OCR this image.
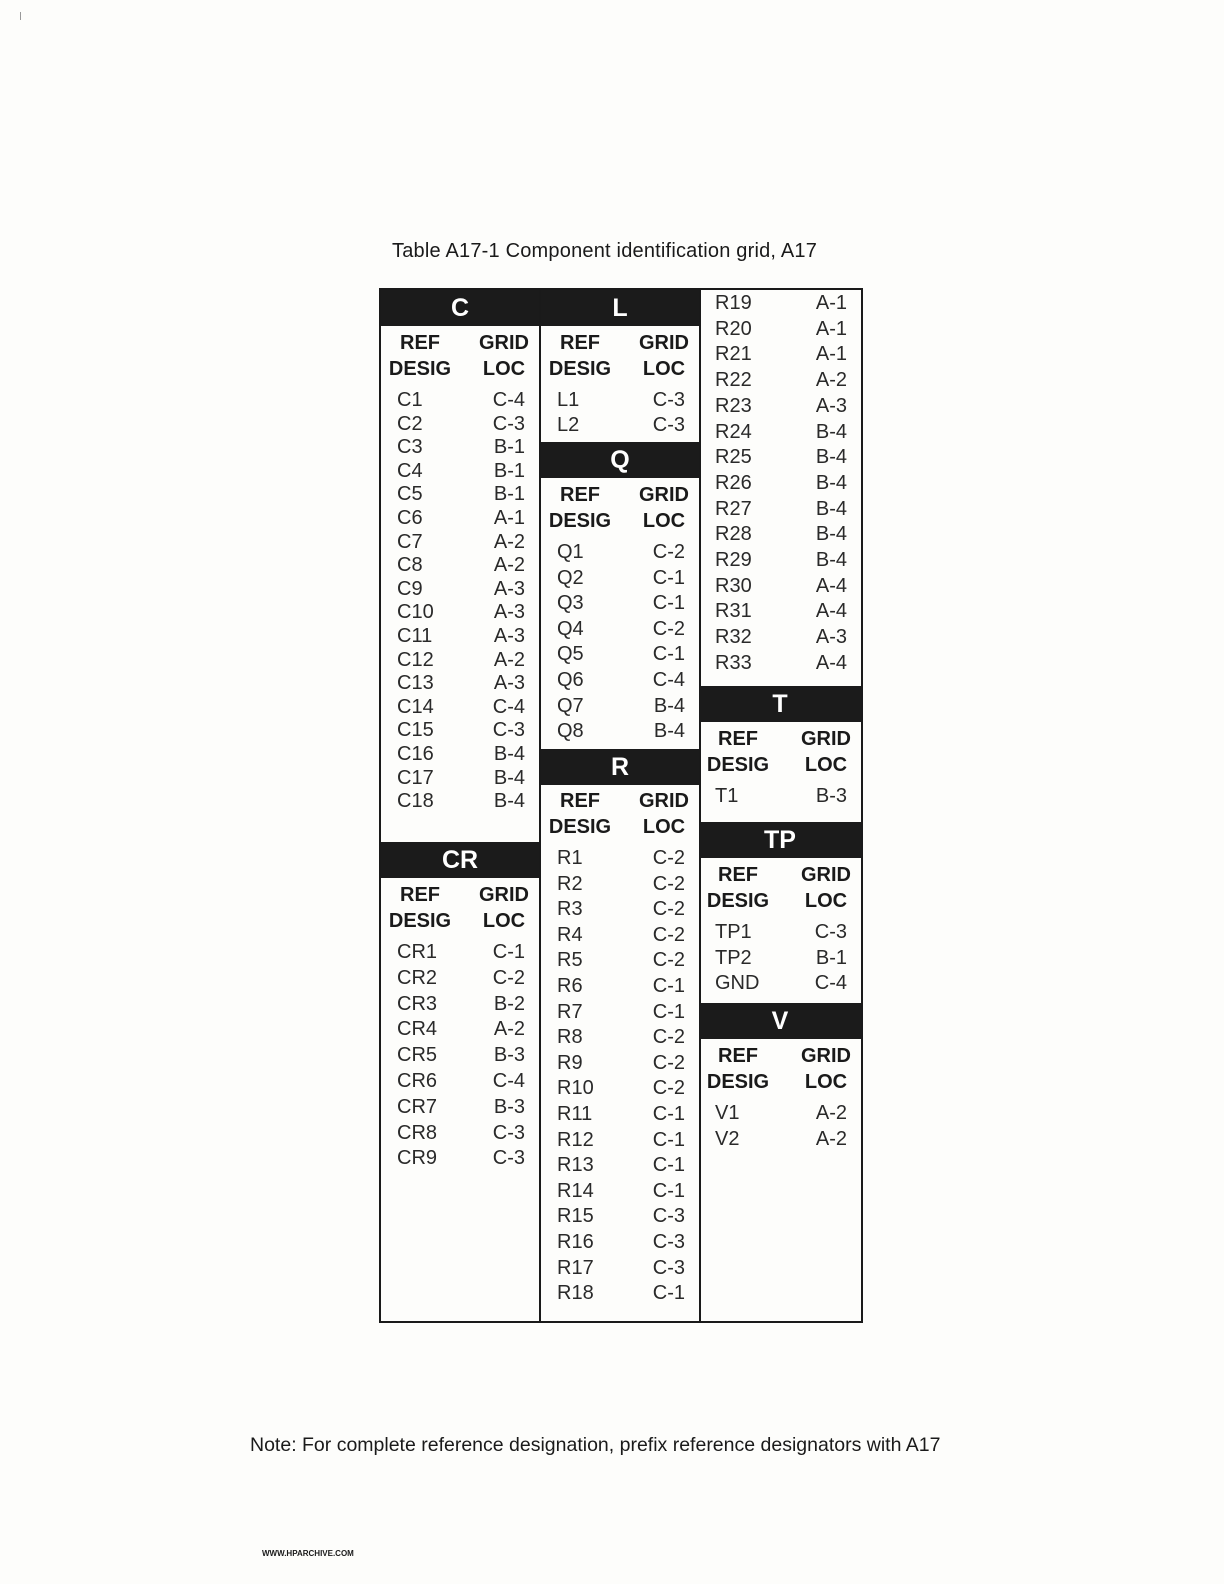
Table A17-1 Component identification grid, A17
C
REF
DESIG
GRID
LOC
C1	C-4
C2	C-3
C3	B-1
C4	B-1
C5	B-1
C6	A-1
C7	A-2
C8	A-2
C9	A-3
C10	A-3
C11	A-3
C12	A-2
C13	A-3
C14	C-4
C15	C-3
C16	B-4
C17	B-4
C18	B-4
CR
REF
DESIG
GRID
LOC
CR1	C-1
CR2	C-2
CR3	B-2
CR4	A-2
CR5	B-3
CR6	C-4
CR7	B-3
CR8	C-3
CR9	C-3
L
REF
DESIG
GRID
LOC
L1	C-3
L2	C-3
Q
REF
DESIG
GRID
LOC
Q1	C-2
Q2	C-1
Q3	C-1
Q4	C-2
Q5	C-1
Q6	C-4
Q7	B-4
Q8	B-4
R
REF
DESIG
GRID
LOC
R1	C-2
R2	C-2
R3	C-2
R4	C-2
R5	C-2
R6	C-1
R7	C-1
R8	C-2
R9	C-2
R10	C-2
R11	C-1
R12	C-1
R13	C-1
R14	C-1
R15	C-3
R16	C-3
R17	C-3
R18	C-1
R19	A-1
R20	A-1
R21	A-1
R22	A-2
R23	A-3
R24	B-4
R25	B-4
R26	B-4
R27	B-4
R28	B-4
R29	B-4
R30	A-4
R31	A-4
R32	A-3
R33	A-4
T
REF
DESIG
GRID
LOC
T1	B-3
TP
REF
DESIG
GRID
LOC
TP1	C-3
TP2	B-1
GND	C-4
V
REF
DESIG
GRID
LOC
V1	A-2
V2	A-2
Note: For complete reference designation, prefix reference designators with A17
WWW.HPARCHIVE.COM
